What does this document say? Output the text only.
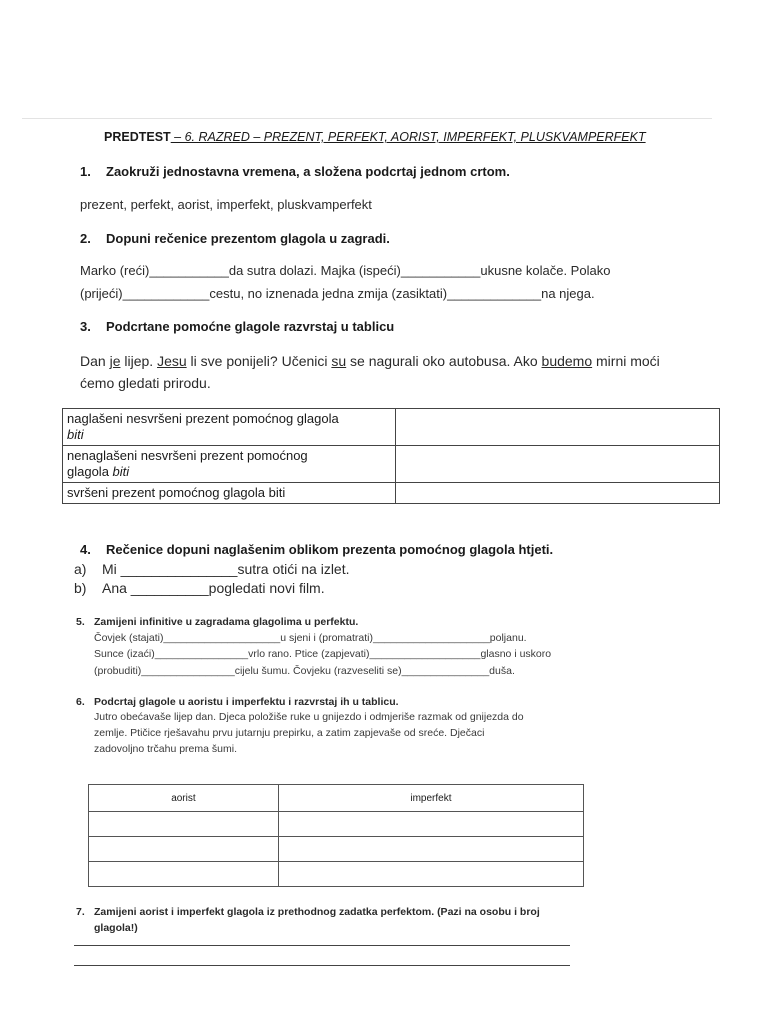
PREDTEST – 6. RAZRED – PREZENT, PERFEKT, AORIST, IMPERFEKT, PLUSKVAMPERFEKT
1. Zaokruži jednostavna vremena, a složena podcrtaj jednom crtom.
prezent, perfekt, aorist, imperfekt, pluskvamperfekt
2. Dopuni rečenice prezentom glagola u zagradi.
Marko (reći)___________da sutra dolazi. Majka (ispeći)___________ukusne kolače. Polako
(prijeći)____________cestu, no iznenada jedna zmija (zasiktati)_____________na njega.
3. Podcrtane pomoćne glagole razvrstaj u tablicu
Dan je lijep. Jesu li sve ponijeli? Učenici su se nagurali oko autobusa. Ako budemo mirni moći
ćemo gledati prirodu.
naglašeni nesvršeni prezent pomoćnog glagola
biti	
nenaglašeni nesvršeni prezent pomoćnog
glagola biti	
svršeni prezent pomoćnog glagola biti	
4. Rečenice dopuni naglašenim oblikom prezenta pomoćnog glagola htjeti.
a) Mi _______________sutra otići na izlet.
b) Ana __________pogledati novi film.
5. Zamijeni infinitive u zagradama glagolima u perfektu.
Čovjek (stajati)____________________u sjeni i (promatrati)____________________poljanu.
Sunce (izaći)________________vrlo rano. Ptice (zapjevati)___________________glasno i uskoro
(probuditi)________________cijelu šumu. Čovjeku (razveseliti se)_______________duša.
6. Podcrtaj glagole u aoristu i imperfektu i razvrstaj ih u tablicu.
Jutro obećavaše lijep dan. Djeca položiše ruke u gnijezdo i odmjeriše razmak od gnijezda do
zemlje. Ptičice rješavahu prvu jutarnju prepirku, a zatim zapjevaše od sreće. Dječaci
zadovoljno trčahu prema šumi.
aorist	imperfekt

7. Zamijeni aorist i imperfekt glagola iz prethodnog zadatka perfektom. (Pazi na osobu i broj
glagola!)
